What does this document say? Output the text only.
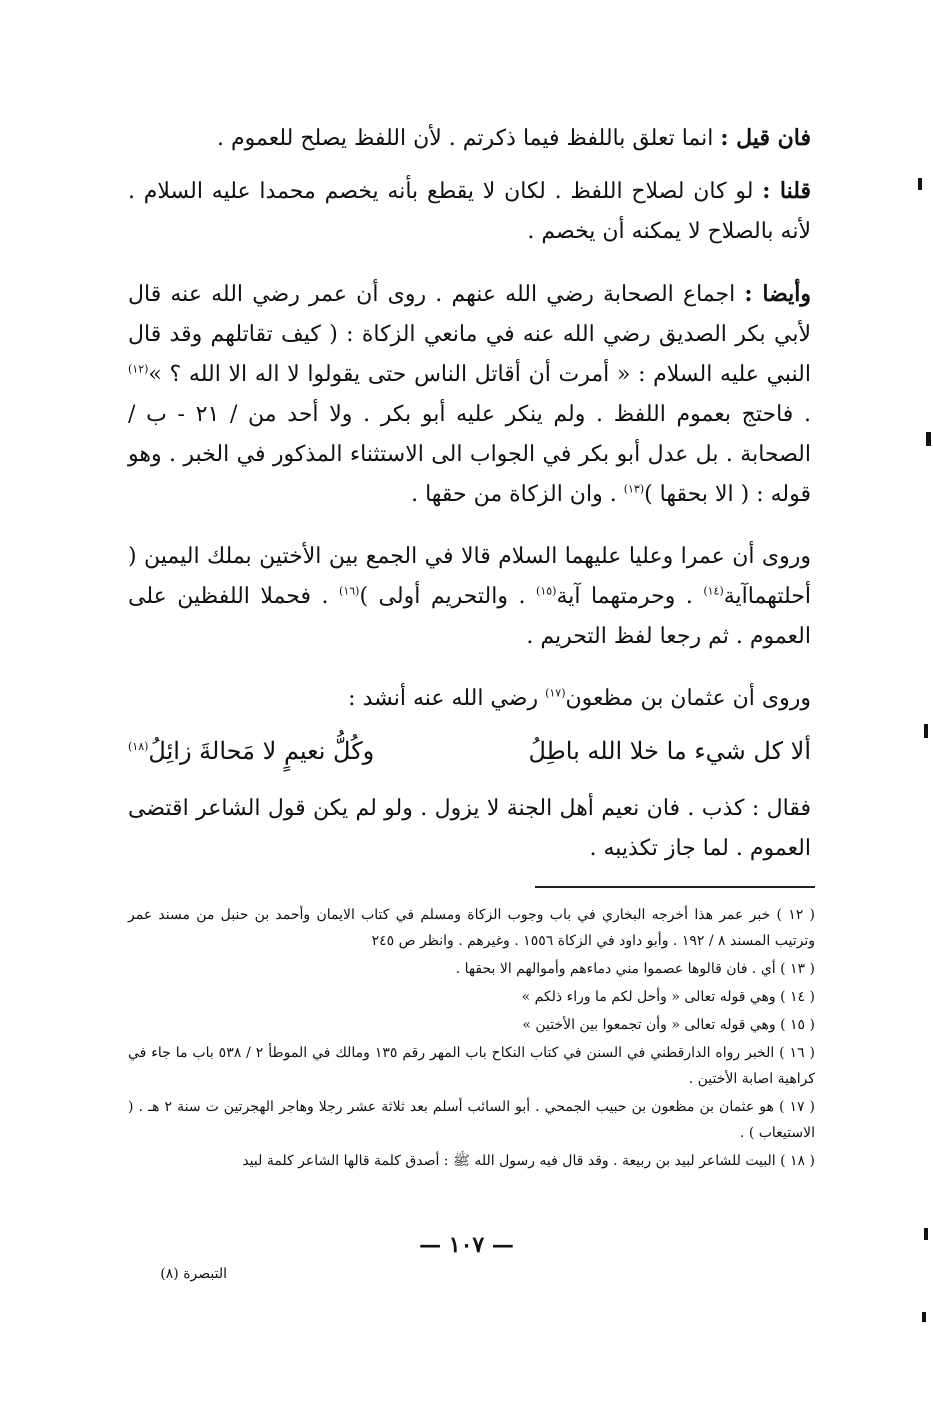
فان قيل : انما تعلق باللفظ فيما ذكرتم . لأن اللفظ يصلح للعموم .

قلنا : لو كان لصلاح اللفظ . لكان لا يقطع بأنه يخصم محمدا عليه السلام . لأنه بالصلاح لا يمكنه أن يخصم .

وأيضا : اجماع الصحابة رضي الله عنهم . روى أن عمر رضي الله عنه قال لأبي بكر الصديق رضي الله عنه في مانعي الزكاة : ( كيف تقاتلهم وقد قال النبي عليه السلام : « أمرت أن أقاتل الناس حتى يقولوا لا اله الا الله ؟ »$^{(١٢)}$ . فاحتج بعموم اللفظ . ولم ينكر عليه أبو بكر . ولا أحد من / ٢١ - ب / الصحابة . بل عدل أبو بكر في الجواب الى الاستثناء المذكور في الخبر . وهو قوله : ( الا بحقها )$^{(١٣)}$ . وان الزكاة من حقها .

وروى أن عمرا وعليا عليهما السلام قالا في الجمع بين الأختين بملك اليمين ( أحلتهماآية$^{(١٤)}$ . وحرمتهما آية$^{(١٥)}$ . والتحريم أولى )$^{(١٦)}$ . فحملا اللفظين على العموم . ثم رجعا لفظ التحريم .

وروى أن عثمان بن مظعون$^{(١٧)}$ رضي الله عنه أنشد :

ألا كل شيء ما خلا الله باطِلُ
وكُلُّ نعيمٍ لا مَحالةَ زائِلُ$^{(١٨)}$

فقال : كذب . فان نعيم أهل الجنة لا يزول . ولو لم يكن قول الشاعر اقتضى العموم . لما جاز تكذيبه .

( ١٢ ) خبر عمر هذا أخرجه البخاري في باب وجوب الزكاة ومسلم في كتاب الايمان وأحمد بن حنبل من مسند عمر وترتيب المسند ٨ / ١٩٢ . وأبو داود في الزكاة ١٥٥٦ . وغيرهم . وانظر ص ٢٤٥

( ١٣ ) أي . فان قالوها عصموا مني دماءهم وأموالهم الا بحقها .

( ١٤ ) وهي قوله تعالى « وأحل لكم ما وراء ذلكم »

( ١٥ ) وهي قوله تعالى « وأن تجمعوا بين الأختين »

( ١٦ ) الخبر رواه الدارقطني في السنن في كتاب النكاح باب المهر رقم ١٣٥ ومالك في الموطأ ٢ / ٥٣٨ باب ما جاء في كراهية اصابة الأختين .

( ١٧ ) هو عثمان بن مظعون بن حبيب الجمحي . أبو السائب أسلم بعد ثلاثة عشر رجلا وهاجر الهجرتين ت سنة ٢ هـ . ( الاستيعاب ) .

( ١٨ ) البيت للشاعر لبيد بن ربيعة . وقد قال فيه رسول الله ﷺ : أصدق كلمة قالها الشاعر كلمة لبيد

— ١٠٧ —
التبصرة (٨)
